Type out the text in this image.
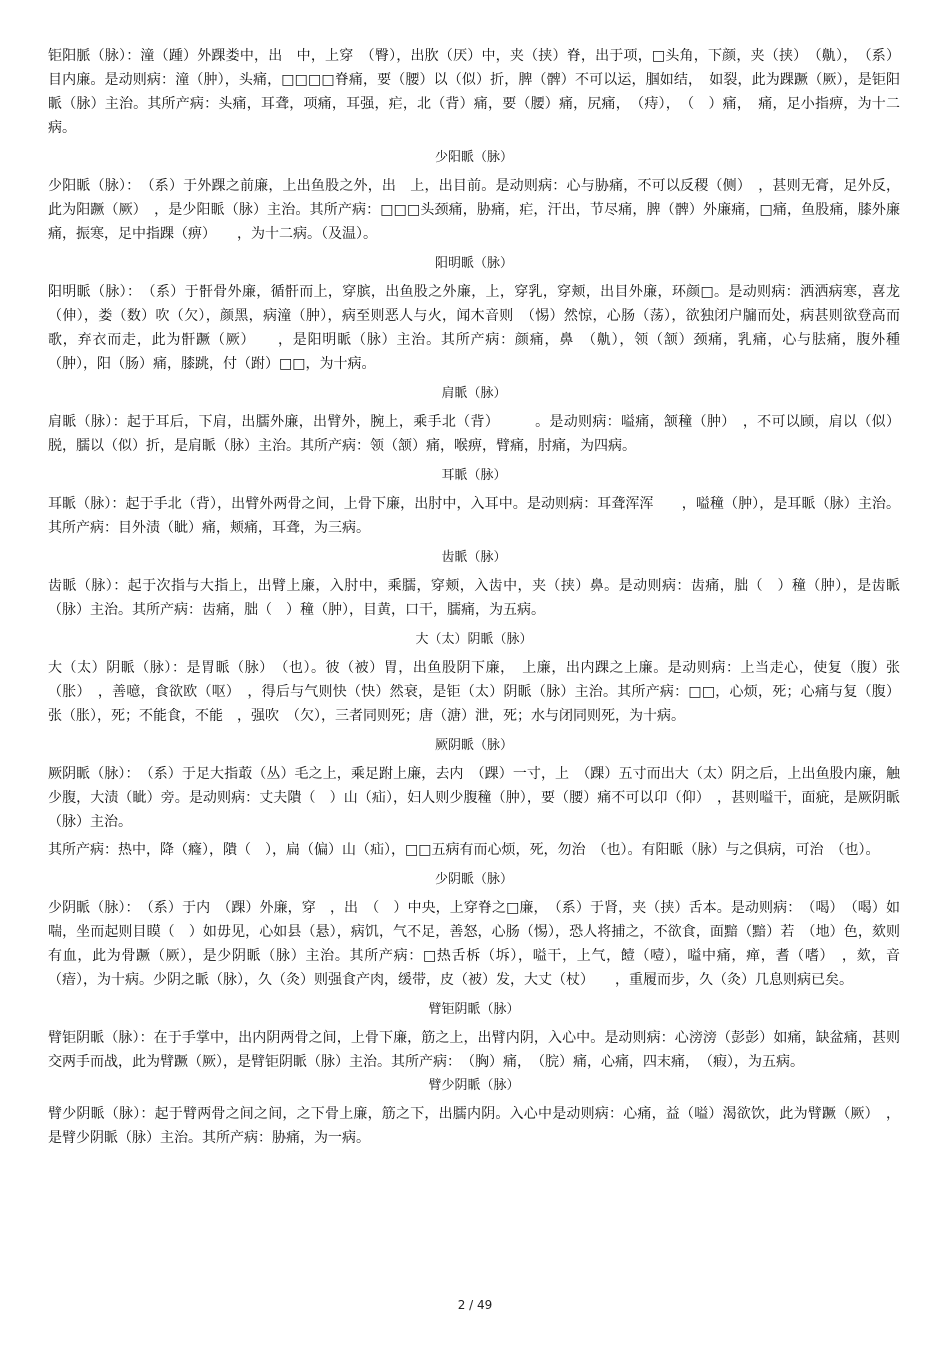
钜阳脈（脉）：潼（踵）外踝娄中，出　中，上穿　（臀），出肷（厌）中，夹（挟）脊，出于项，□头角，下颜，夹（挟）　（鼽），　（系）目内廉。是动则病：潼（肿），头痛，□□□□脊痛，要（腰）以（似）折，脾（髀）不可以运，腘如结，　如裂，此为踝蹶（厥），是钜阳眽（脉）主治。其所产病：头痛，耳聋，项痛，耳强，疟，北（背）痛，要（腰）痛，尻痛，　（痔），　（　）痛，　痛，足小指痹，为十二病。

少阳眽（脉）

少阳眽（脉）：　（系）于外踝之前廉，上出鱼股之外，出　上，出目前。是动则病：心与胁痛，不可以反稷（侧）　，甚则无膏，足外反，此为阳蹶（厥）　，是少阳眽（脉）主治。其所产病：□□□头颈痛，胁痛，疟，汗出，节尽痛，脾（髀）外廉痛，□痛，鱼股痛，膝外廉痛，振寒，足中指踝（痹）　　，为十二病。（及温）。

阳明眽（脉）

阳明眽（脉）：　（系）于骭骨外廉，循骭而上，穿膑，出鱼股之外廉，上，穿乳，穿颊，出目外廉，环颜□。是动则病：洒洒病寒，喜龙（伸），娄（数）吹（欠），颜黑，病潼（肿），病至则恶人与火，闻木音则　（惕）然惊，心肠（荡），欲独闭户牖而处，病甚则欲登高而歌，弃衣而走，此为骭蹶（厥）　　，是阳明眽（脉）主治。其所产病：颜痛，鼻　（鼽），领（颔）颈痛，乳痛，心与胠痛，腹外種（肿），阳（肠）痛，膝跳，付（跗）□□，为十病。

肩眽（脉）

肩眽（脉）：起于耳后，下肩，出臑外廉，出臂外，腕上，乘手北（背）　　　。是动则病：嗌痛，颔穜（肿）　，不可以顾，肩以（似）脱，臑以（似）折，是肩眽（脉）主治。其所产病：领（颔）痛，喉痹，臂痛，肘痛，为四病。

耳眽（脉）

耳眽（脉）：起于手北（背），出臂外两骨之间，上骨下廉，出肘中，入耳中。是动则病：耳聋浑浑　　，嗌穜（肿），是耳眽（脉）主治。其所产病：目外渍（眦）痛，颊痛，耳聋，为三病。

齿眽（脉）

齿眽（脉）：起于次指与大指上，出臂上廉，入肘中，乘臑，穿颊，入齿中，夹（挟）鼻。是动则病：齿痛，朏（　）穜（肿），是齿眽（脉）主治。其所产病：齿痛，朏（　）穜（肿），目黄，口干，臑痛，为五病。

大（太）阴眽（脉）

大（太）阴眽（脉）：是胃眽（脉）　（也）。彼（被）胃，出鱼股阴下廉，　上廉，出内踝之上廉。是动则病：上当走心，使复（腹）张（胀）　，善噫，食欲欧（呕）　，得后与气则快（快）然衰，是钜（太）阴眽（脉）主治。其所产病：□□，心烦，死；心痛与复（腹）张（胀），死；不能食，不能　，强吹　（欠），三者同则死；唐（溏）泄，死；水与闭同则死，为十病。

厥阴眽（脉）

厥阴眽（脉）：　（系）于足大指菆（丛）毛之上，乘足跗上廉，去内　（踝）一寸，上　（踝）五寸而出大（太）阴之后，上出鱼股内廉，触少腹，大渍（眦）旁。是动则病：丈夫隤（　）山（疝），妇人则少腹穜（肿），要（腰）痛不可以卬（仰）　，甚则嗌干，面疵，是厥阴眽（脉）主治。

其所产病：热中，降（癃），隤（　），扁（偏）山（疝），□□五病有而心烦，死，勿治　（也）。有阳眽（脉）与之俱病，可治　（也）。

少阴眽（脉）

少阴眽（脉）：　（系）于内　（踝）外廉，穿　，出　（　）中央，上穿脊之□廉，　（系）于肾，夹（挟）舌本。是动则病：　（喝）　（喝）如喘，坐而起则目瞙（　）如毋见，心如县（悬），病饥，气不足，善怒，心肠（惕），恐人将捕之，不欲食，面黯（黯）若　（地）色，欬则有血，此为骨蹶（厥），是少阴眽（脉）主治。其所产病：□热舌柝（坼），嗌干，上气，饐（噎），嗌中痛，瘅，耆（嗜）　，欬，音（瘖），为十病。少阴之眽（脉），久（灸）则强食产肉，缓带，皮（被）发，大丈（杖）　　，重履而步，久（灸）几息则病已矣。

臂钜阴眽（脉）

臂钜阴眽（脉）：在于手掌中，出内阴两骨之间，上骨下廉，筋之上，出臂内阴，入心中。是动则病：心滂滂（彭彭）如痛，缺盆痛，甚则交两手而战，此为臂蹶（厥），是臂钜阴眽（脉）主治。其所产病：　（胸）痛，　（脘）痛，心痛，四末痛，　（瘕），为五病。

臂少阴眽（脉）

臂少阴眽（脉）：起于臂两骨之间之间，之下骨上廉，筋之下，出臑内阴。入心中是动则病：心痛，益（嗌）渴欲饮，此为臂蹶（厥）　，是臂少阴眽（脉）主治。其所产病：胁痛，为一病。

2 / 49
